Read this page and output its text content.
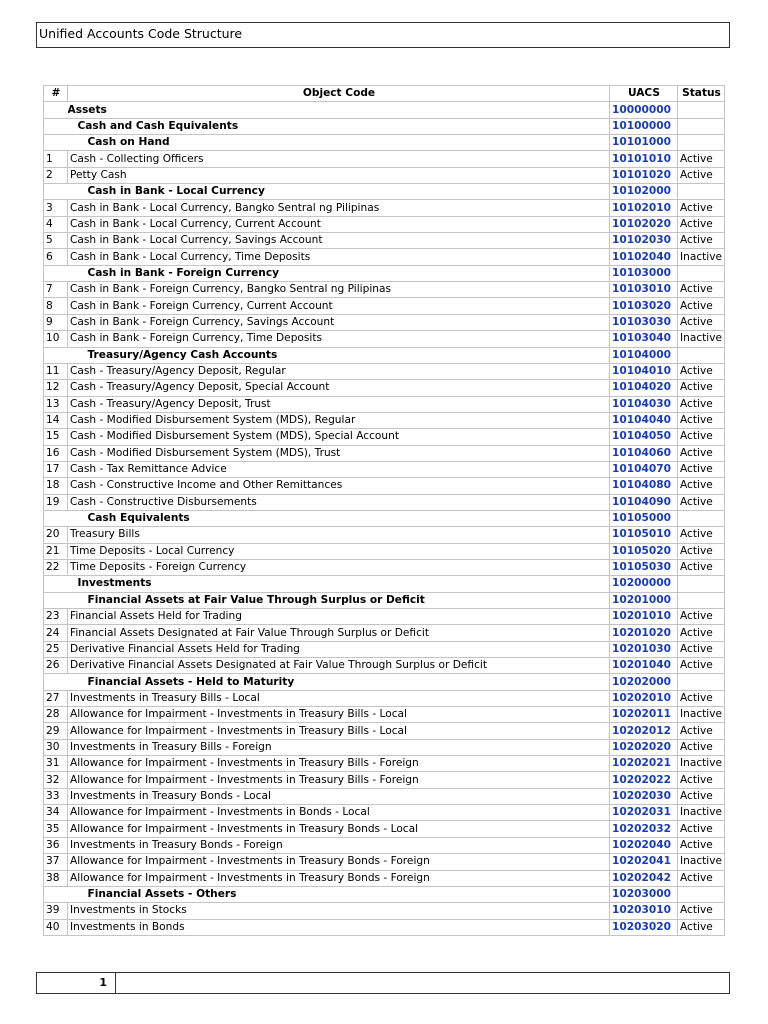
Unified Accounts Code Structure
#	Object Code	UACS	Status
	Assets	10000000	
	Cash and Cash Equivalents	10100000	
	Cash on Hand	10101000	
1	Cash - Collecting Officers	10101010	Active
2	Petty Cash	10101020	Active
	Cash in Bank - Local Currency	10102000	
3	Cash in Bank - Local Currency, Bangko Sentral ng Pilipinas	10102010	Active
4	Cash in Bank - Local Currency, Current Account	10102020	Active
5	Cash in Bank - Local Currency, Savings Account	10102030	Active
6	Cash in Bank - Local Currency, Time Deposits	10102040	Inactive
	Cash in Bank - Foreign Currency	10103000	
7	Cash in Bank - Foreign Currency, Bangko Sentral ng Pilipinas	10103010	Active
8	Cash in Bank - Foreign Currency, Current Account	10103020	Active
9	Cash in Bank - Foreign Currency, Savings Account	10103030	Active
10	Cash in Bank - Foreign Currency, Time Deposits	10103040	Inactive
	Treasury/Agency Cash Accounts	10104000	
11	Cash - Treasury/Agency Deposit, Regular	10104010	Active
12	Cash - Treasury/Agency Deposit, Special Account	10104020	Active
13	Cash - Treasury/Agency Deposit, Trust	10104030	Active
14	Cash - Modified Disbursement System (MDS), Regular	10104040	Active
15	Cash - Modified Disbursement System (MDS), Special Account	10104050	Active
16	Cash - Modified Disbursement System (MDS), Trust	10104060	Active
17	Cash - Tax Remittance Advice	10104070	Active
18	Cash - Constructive Income and Other Remittances	10104080	Active
19	Cash - Constructive Disbursements	10104090	Active
	Cash Equivalents	10105000	
20	Treasury Bills	10105010	Active
21	Time Deposits - Local Currency	10105020	Active
22	Time Deposits - Foreign Currency	10105030	Active
	Investments	10200000	
	Financial Assets at Fair Value Through Surplus or Deficit	10201000	
23	Financial Assets Held for Trading	10201010	Active
24	Financial Assets Designated at Fair Value Through Surplus or Deficit	10201020	Active
25	Derivative Financial Assets Held for Trading	10201030	Active
26	Derivative Financial Assets Designated at Fair Value Through Surplus or Deficit	10201040	Active
	Financial Assets - Held to Maturity	10202000	
27	Investments in Treasury Bills - Local	10202010	Active
28	Allowance for Impairment - Investments in Treasury Bills - Local	10202011	Inactive
29	Allowance for Impairment - Investments in Treasury Bills - Local	10202012	Active
30	Investments in Treasury Bills - Foreign	10202020	Active
31	Allowance for Impairment - Investments in Treasury Bills - Foreign	10202021	Inactive
32	Allowance for Impairment - Investments in Treasury Bills - Foreign	10202022	Active
33	Investments in Treasury Bonds - Local	10202030	Active
34	Allowance for Impairment - Investments in Bonds - Local	10202031	Inactive
35	Allowance for Impairment - Investments in Treasury Bonds - Local	10202032	Active
36	Investments in Treasury Bonds - Foreign	10202040	Active
37	Allowance for Impairment - Investments in Treasury Bonds - Foreign	10202041	Inactive
38	Allowance for Impairment - Investments in Treasury Bonds - Foreign	10202042	Active
	Financial Assets - Others	10203000	
39	Investments in Stocks	10203010	Active
40	Investments in Bonds	10203020	Active
1
